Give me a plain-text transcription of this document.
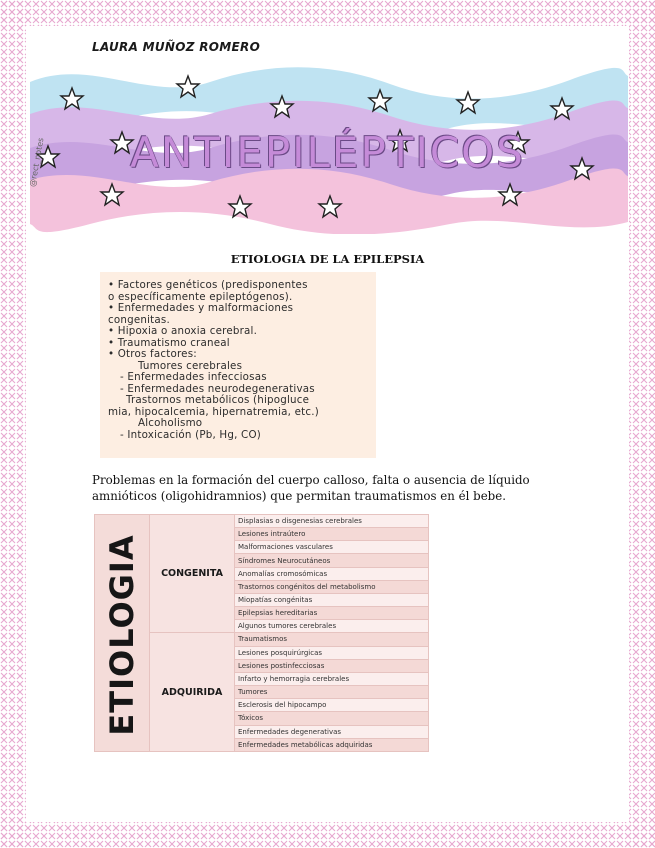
LAURA MUÑOZ ROMERO
ANTIEPILÉPTICOS
@rect_notes
ETIOLOGIA DE LA EPILEPSIA
• Factores genéticos (predisponentes
o específicamente epileptógenos).
• Enfermedades y malformaciones
congenitas.
• Hipoxia o anoxia cerebral.
• Traumatismo craneal
• Otros factores:
Tumores cerebrales
- Enfermedades infecciosas
- Enfermedades neurodegenerativas
Trastornos metabólicos (hipogluce
mia, hipocalcemia, hipernatremia, etc.)
Alcoholismo
- Intoxicación (Pb, Hg, CO)
Problemas en la formación del cuerpo calloso, falta o ausencia de líquido amnióticos (oligohidramnios) que permitan traumatismos en él bebe.
ETIOLOGIA	CONGENITA	Displasias o disgenesias cerebrales
		Lesiones intraútero
		Malformaciones vasculares
		Síndromes Neurocutáneos
		Anomalías cromosómicas
		Trastornos congénitos del metabolismo
		Miopatías congénitas
		Epilepsias hereditarias
		Algunos tumores cerebrales
	ADQUIRIDA	Traumatismos
		Lesiones posquirúrgicas
		Lesiones postinfecciosas
		Infarto y hemorragia cerebrales
		Tumores
		Esclerosis del hipocampo
		Tóxicos
		Enfermedades degenerativas
		Enfermedades metabólicas adquiridas
